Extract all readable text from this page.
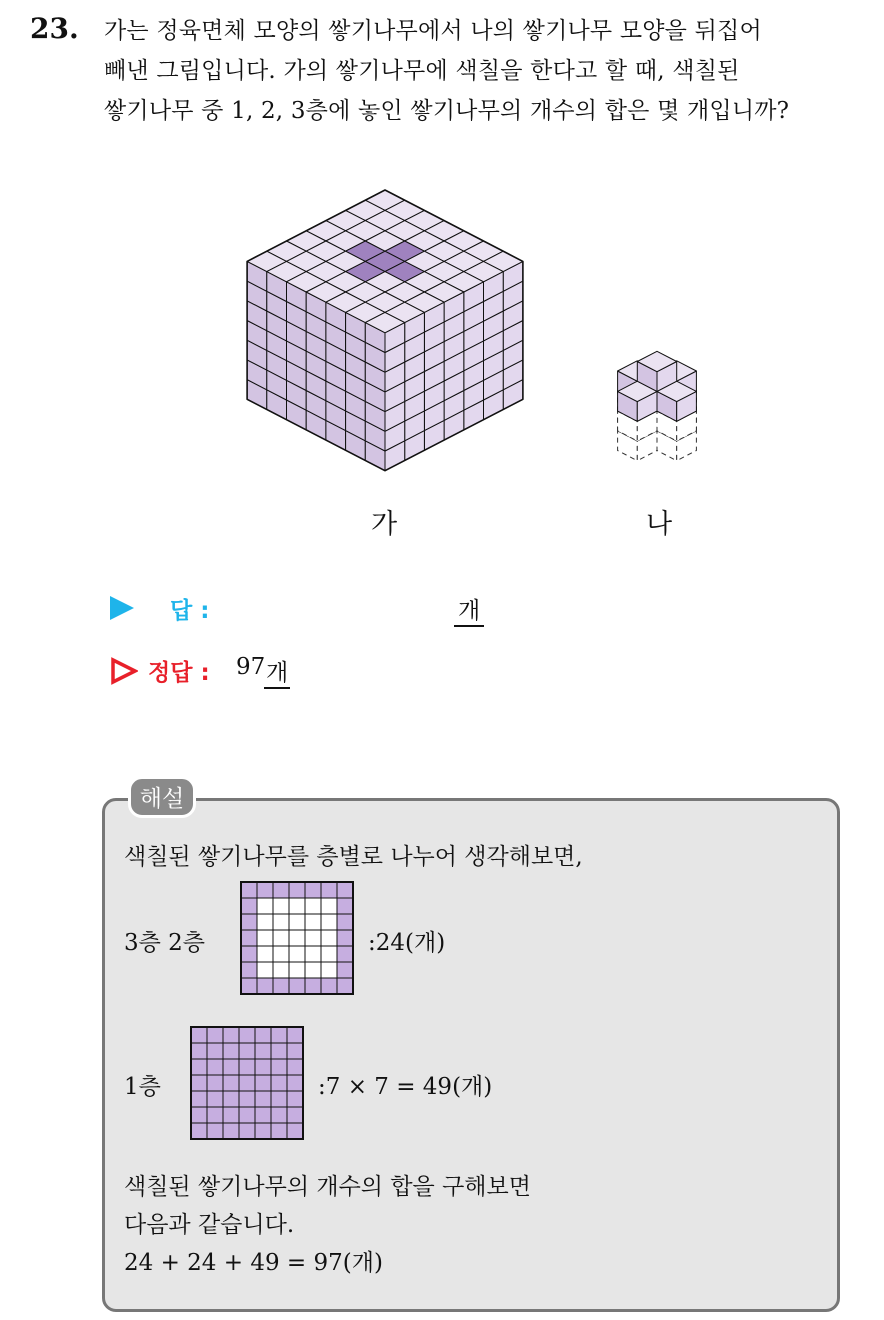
23. 가는 정육면체 모양의 쌓기나무에서 나의 쌓기나무 모양을 뒤집어
빼낸 그림입니다. 가의 쌓기나무에 색칠을 한다고 할 때, 색칠된
쌓기나무 중 1, 2, 3층에 놓인 쌓기나무의 개수의 합은 몇 개입니까?
가	나
답 :	개
정답 : 97 개
해설
색칠된 쌓기나무를 층별로 나누어 생각해보면,
3층 2층	:24(개)
1층	:7 × 7 = 49(개)
색칠된 쌓기나무의 개수의 합을 구해보면
다음과 같습니다.
24 + 24 + 49 = 97(개)
